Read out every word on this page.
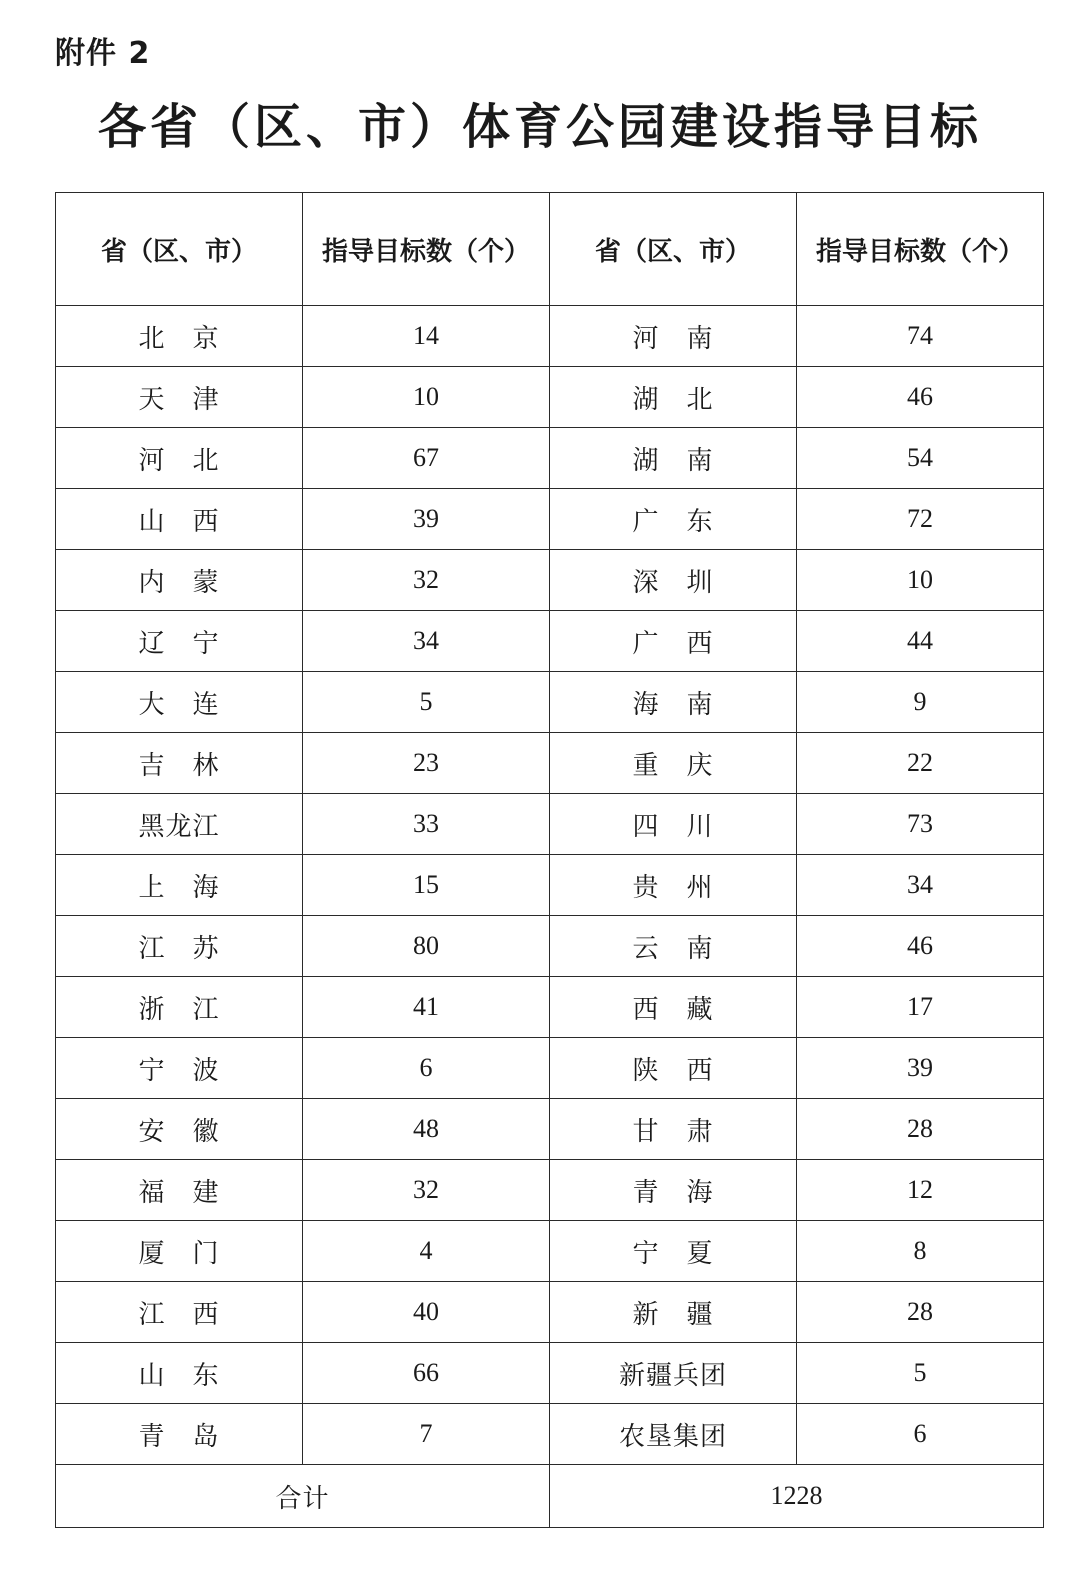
附件 2
各省（区、市）体育公园建设指导目标
省（区、市）	指导目标数（个）	省（区、市）	指导目标数（个）
北　京	14	河　南	74
天　津	10	湖　北	46
河　北	67	湖　南	54
山　西	39	广　东	72
内　蒙	32	深　圳	10
辽　宁	34	广　西	44
大　连	5	海　南	9
吉　林	23	重　庆	22
黑龙江	33	四　川	73
上　海	15	贵　州	34
江　苏	80	云　南	46
浙　江	41	西　藏	17
宁　波	6	陕　西	39
安　徽	48	甘　肃	28
福　建	32	青　海	12
厦　门	4	宁　夏	8
江　西	40	新　疆	28
山　东	66	新疆兵团	5
青　岛	7	农垦集团	6
合计		1228	
